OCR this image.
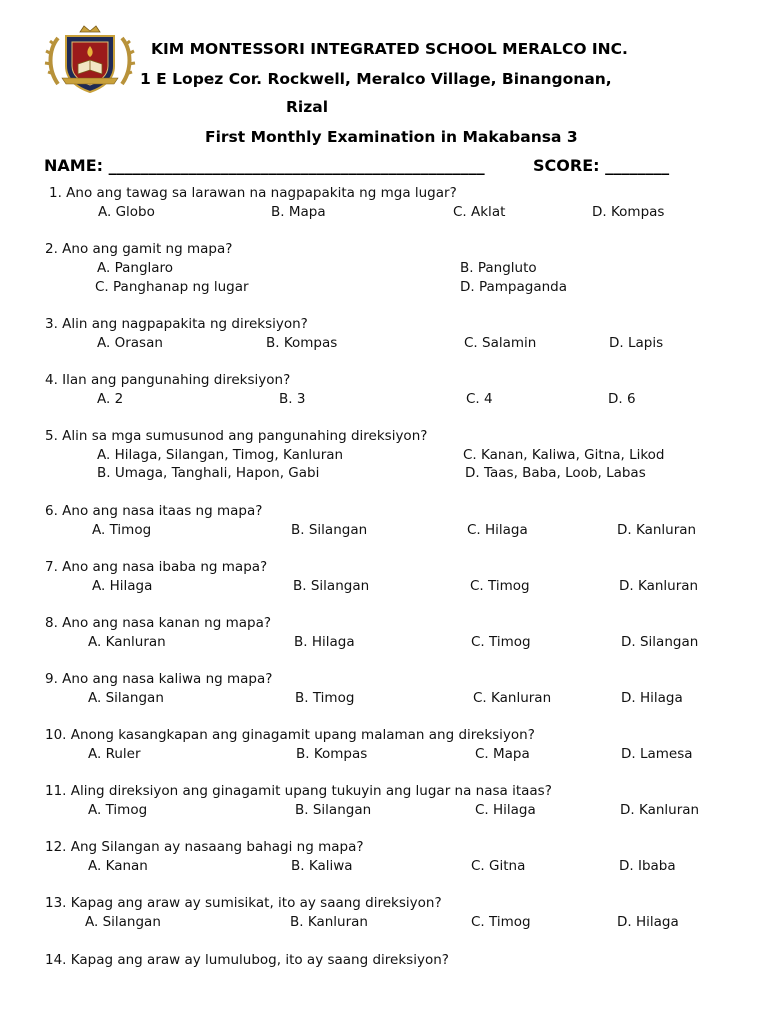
KIM MONTESSORI INTEGRATED SCHOOL MERALCO INC.
1 E Lopez Cor. Rockwell, Meralco Village, Binangonan,
Rizal
First Monthly Examination in Makabansa 3
NAME: _______________________________________________	SCORE: ________
1. Ano ang tawag sa larawan na nagpapakita ng mga lugar?
A. Globo	B. Mapa	C. Aklat	D. Kompas
2. Ano ang gamit ng mapa?
A. Panglaro	B. Pangluto
C. Panghanap ng lugar	D. Pampaganda
3. Alin ang nagpapakita ng direksiyon?
A. Orasan	B. Kompas	C. Salamin	D. Lapis
4. Ilan ang pangunahing direksiyon?
A. 2	B. 3	C. 4	D. 6
5. Alin sa mga sumusunod ang pangunahing direksiyon?
A. Hilaga, Silangan, Timog, Kanluran
B. Umaga, Tanghali, Hapon, Gabi
C. Kanan, Kaliwa, Gitna, Likod
D. Taas, Baba, Loob, Labas
6. Ano ang nasa itaas ng mapa?
A. Timog	B. Silangan	C. Hilaga	D. Kanluran
7. Ano ang nasa ibaba ng mapa?
A. Hilaga	B. Silangan	C. Timog	D. Kanluran
8. Ano ang nasa kanan ng mapa?
A. Kanluran	B. Hilaga	C. Timog	D. Silangan
9. Ano ang nasa kaliwa ng mapa?
A. Silangan	B. Timog	C. Kanluran	D. Hilaga
10. Anong kasangkapan ang ginagamit upang malaman ang direksiyon?
A. Ruler	B. Kompas	C. Mapa	D. Lamesa
11. Aling direksiyon ang ginagamit upang tukuyin ang lugar na nasa itaas?
A. Timog	B. Silangan	C. Hilaga	D. Kanluran
12. Ang Silangan ay nasaang bahagi ng mapa?
A. Kanan	B. Kaliwa	C. Gitna	D. Ibaba
13. Kapag ang araw ay sumisikat, ito ay saang direksiyon?
A. Silangan	B. Kanluran	C. Timog	D. Hilaga
14. Kapag ang araw ay lumulubog, ito ay saang direksiyon?
